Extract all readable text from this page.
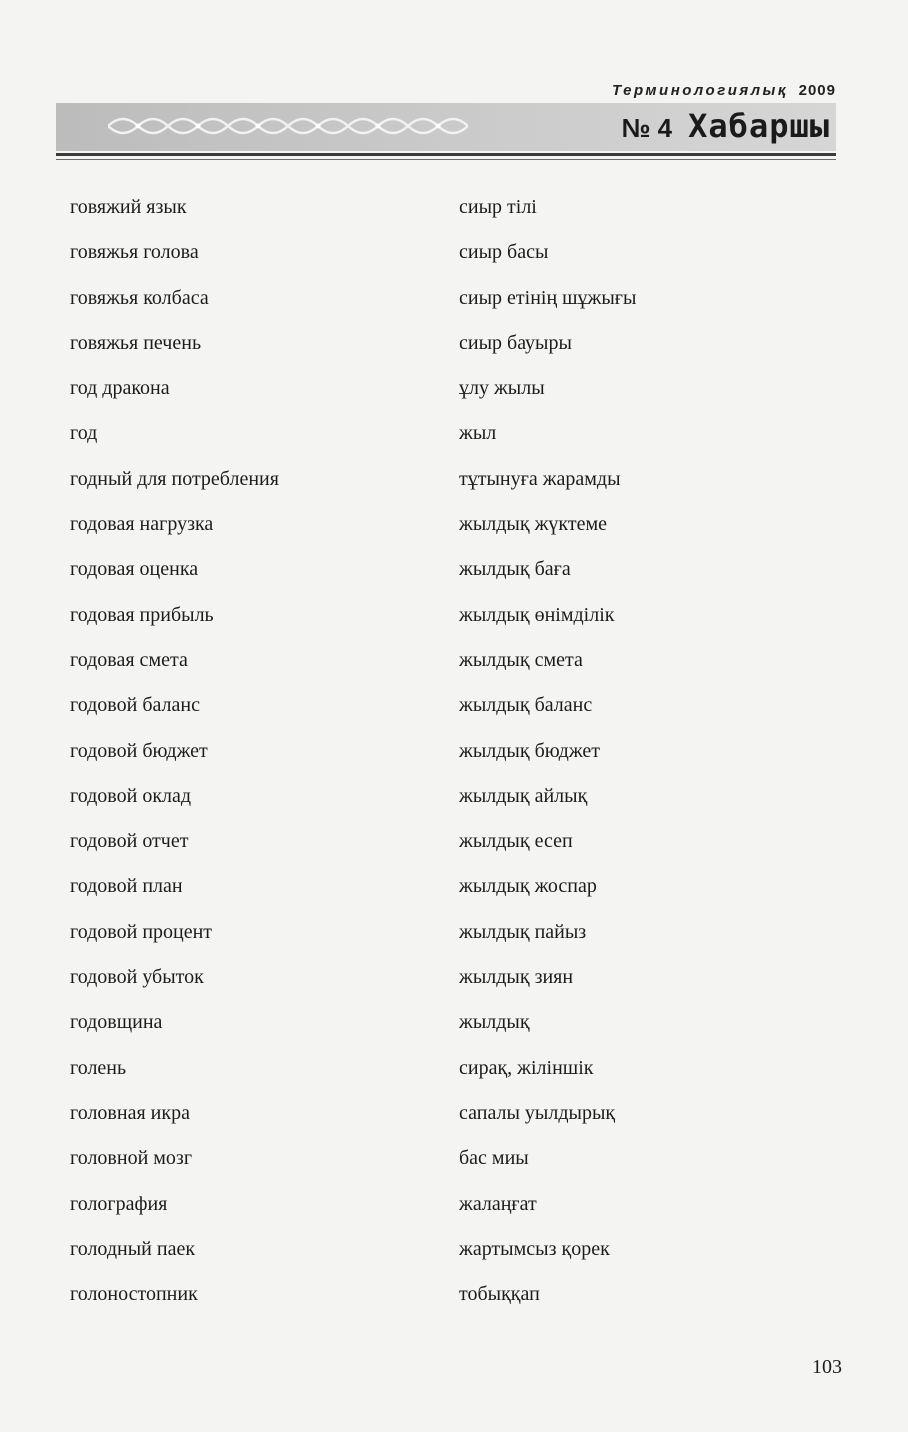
Терминологиялық 2009
№ 4 Хабаршы
говяжий язык	сиыр тілі
говяжья голова	сиыр басы
говяжья колбаса	сиыр етінің шұжығы
говяжья печень	сиыр бауыры
год дракона	ұлу жылы
год	жыл
годный для потребления	тұтынуға жарамды
годовая нагрузка	жылдық жүктеме
годовая оценка	жылдық баға
годовая прибыль	жылдық өнімділік
годовая смета	жылдық смета
годовой баланс	жылдық баланс
годовой бюджет	жылдық бюджет
годовой оклад	жылдық айлық
годовой отчет	жылдық есеп
годовой план	жылдық жоспар
годовой процент	жылдық пайыз
годовой убыток	жылдық зиян
годовщина	жылдық
голень	сирақ, жіліншік
головная икра	сапалы уылдырық
головной мозг	бас миы
голография	жалаңғат
голодный паек	жартымсыз қорек
голоностопник	тобыққап
103
